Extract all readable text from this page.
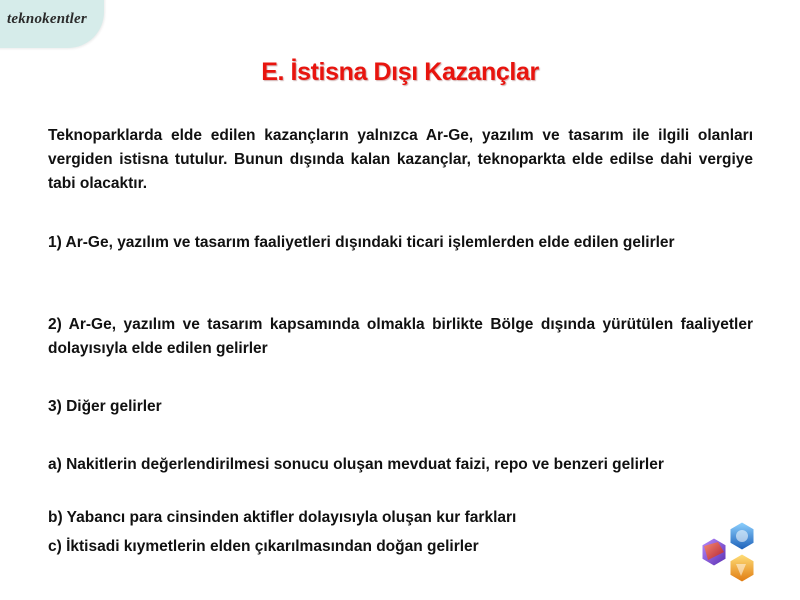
teknokentler
E. İstisna Dışı Kazançlar

Teknoparklarda elde edilen kazançların yalnızca Ar-Ge, yazılım ve tasarım ile ilgili olanları vergiden istisna tutulur. Bunun dışında kalan kazançlar, teknoparkta elde edilse dahi vergiye tabi olacaktır.

1) Ar-Ge, yazılım ve tasarım faaliyetleri dışındaki ticari işlemlerden elde edilen gelirler

2) Ar-Ge, yazılım ve tasarım kapsamında olmakla birlikte Bölge dışında yürütülen faaliyetler dolayısıyla elde edilen gelirler

3) Diğer gelirler

a) Nakitlerin değerlendirilmesi sonucu oluşan mevduat faizi, repo ve benzeri gelirler

b) Yabancı para cinsinden aktifler dolayısıyla oluşan kur farkları

c) İktisadi kıymetlerin elden çıkarılmasından doğan gelirler
